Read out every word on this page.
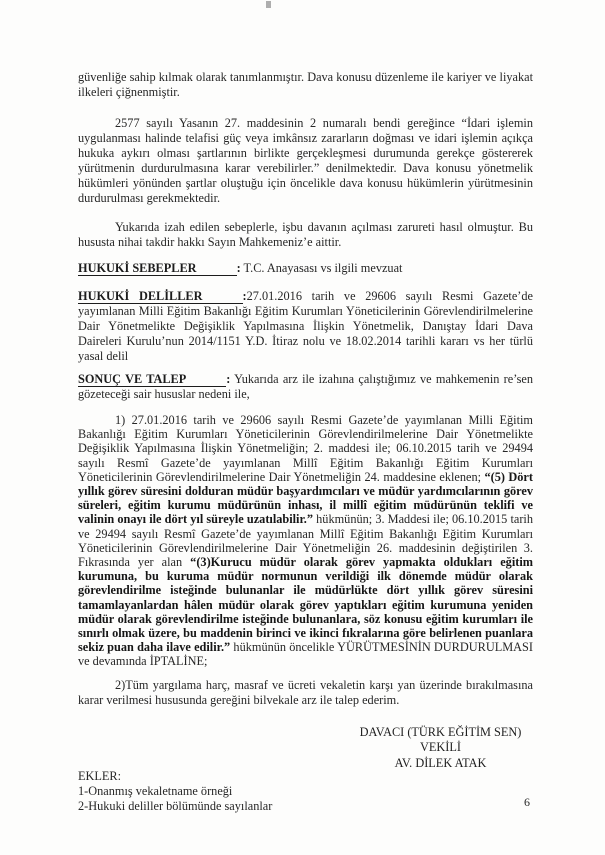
güvenliğe sahip kılmak olarak tanımlanmıştır. Dava konusu düzenleme ile kariyer ve liyakat ilkeleri çiğnenmiştir.

2577 sayılı Yasanın 27. maddesinin 2 numaralı bendi gereğince “İdari işlemin uygulanması halinde telafisi güç veya imkânsız zararların doğması ve idari işlemin açıkça hukuka aykırı olması şartlarının birlikte gerçekleşmesi durumunda gerekçe göstererek yürütmenin durdurulmasına karar verebilirler.” denilmektedir. Dava konusu yönetmelik hükümleri yönünden şartlar oluştuğu için öncelikle dava konusu hükümlerin yürütmesinin durdurulması gerekmektedir.

Yukarıda izah edilen sebeplerle, işbu davanın açılması zarureti hasıl olmuştur. Bu hususta nihai takdir hakkı Sayın Mahkemeniz’e aittir.

HUKUKİ SEBEPLER	: T.C. Anayasası vs ilgili mevzuat

HUKUKİ DELİLLER	:27.01.2016 tarih ve 29606 sayılı Resmi Gazete’de yayımlanan Milli Eğitim Bakanlığı Eğitim Kurumları Yöneticilerinin Görevlendirilmelerine Dair Yönetmelikte Değişiklik Yapılmasına İlişkin Yönetmelik, Danıştay İdari Dava Daireleri Kurulu’nun 2014/1151 Y.D. İtiraz nolu ve 18.02.2014 tarihli kararı vs her türlü yasal delil

SONUÇ VE TALEP	: Yukarıda arz ile izahına çalıştığımız ve mahkemenin re’sen gözeteceği sair hususlar nedeni ile,

1) 27.01.2016 tarih ve 29606 sayılı Resmi Gazete’de yayımlanan Milli Eğitim Bakanlığı Eğitim Kurumları Yöneticilerinin Görevlendirilmelerine Dair Yönetmelikte Değişiklik Yapılmasına İlişkin Yönetmeliğin; 2. maddesi ile; 06.10.2015 tarih ve 29494 sayılı Resmî Gazete’de yayımlanan Millî Eğitim Bakanlığı Eğitim Kurumları Yöneticilerinin Görevlendirilmelerine Dair Yönetmeliğin 24. maddesine eklenen; “(5) Dört yıllık görev süresini dolduran müdür başyardımcıları ve müdür yardımcılarının görev süreleri, eğitim kurumu müdürünün inhası, il millî eğitim müdürünün teklifi ve valinin onayı ile dört yıl süreyle uzatılabilir.” hükmünün; 3. Maddesi ile; 06.10.2015 tarih ve 29494 sayılı Resmî Gazete’de yayımlanan Millî Eğitim Bakanlığı Eğitim Kurumları Yöneticilerinin Görevlendirilmelerine Dair Yönetmeliğin 26. maddesinin değiştirilen 3. Fıkrasında yer alan “(3)Kurucu müdür olarak görev yapmakta oldukları eğitim kurumuna, bu kuruma müdür normunun verildiği ilk dönemde müdür olarak görevlendirilme isteğinde bulunanlar ile müdürlükte dört yıllık görev süresini tamamlayanlardan hâlen müdür olarak görev yaptıkları eğitim kurumuna yeniden müdür olarak görevlendirilme isteğinde bulunanlara, söz konusu eğitim kurumları ile sınırlı olmak üzere, bu maddenin birinci ve ikinci fıkralarına göre belirlenen puanlara sekiz puan daha ilave edilir.” hükmünün öncelikle YÜRÜTMESİNİN DURDURULMASI ve devamında İPTALİNE;

2)Tüm yargılama harç, masraf ve ücreti vekaletin karşı yan üzerinde bırakılmasına karar verilmesi hususunda gereğini bilvekale arz ile talep ederim.

DAVACI (TÜRK EĞİTİM SEN)
VEKİLİ
AV. DİLEK ATAK
EKLER:
1-Onanmış vekaletname örneği
2-Hukuki deliller bölümünde sayılanlar	6
